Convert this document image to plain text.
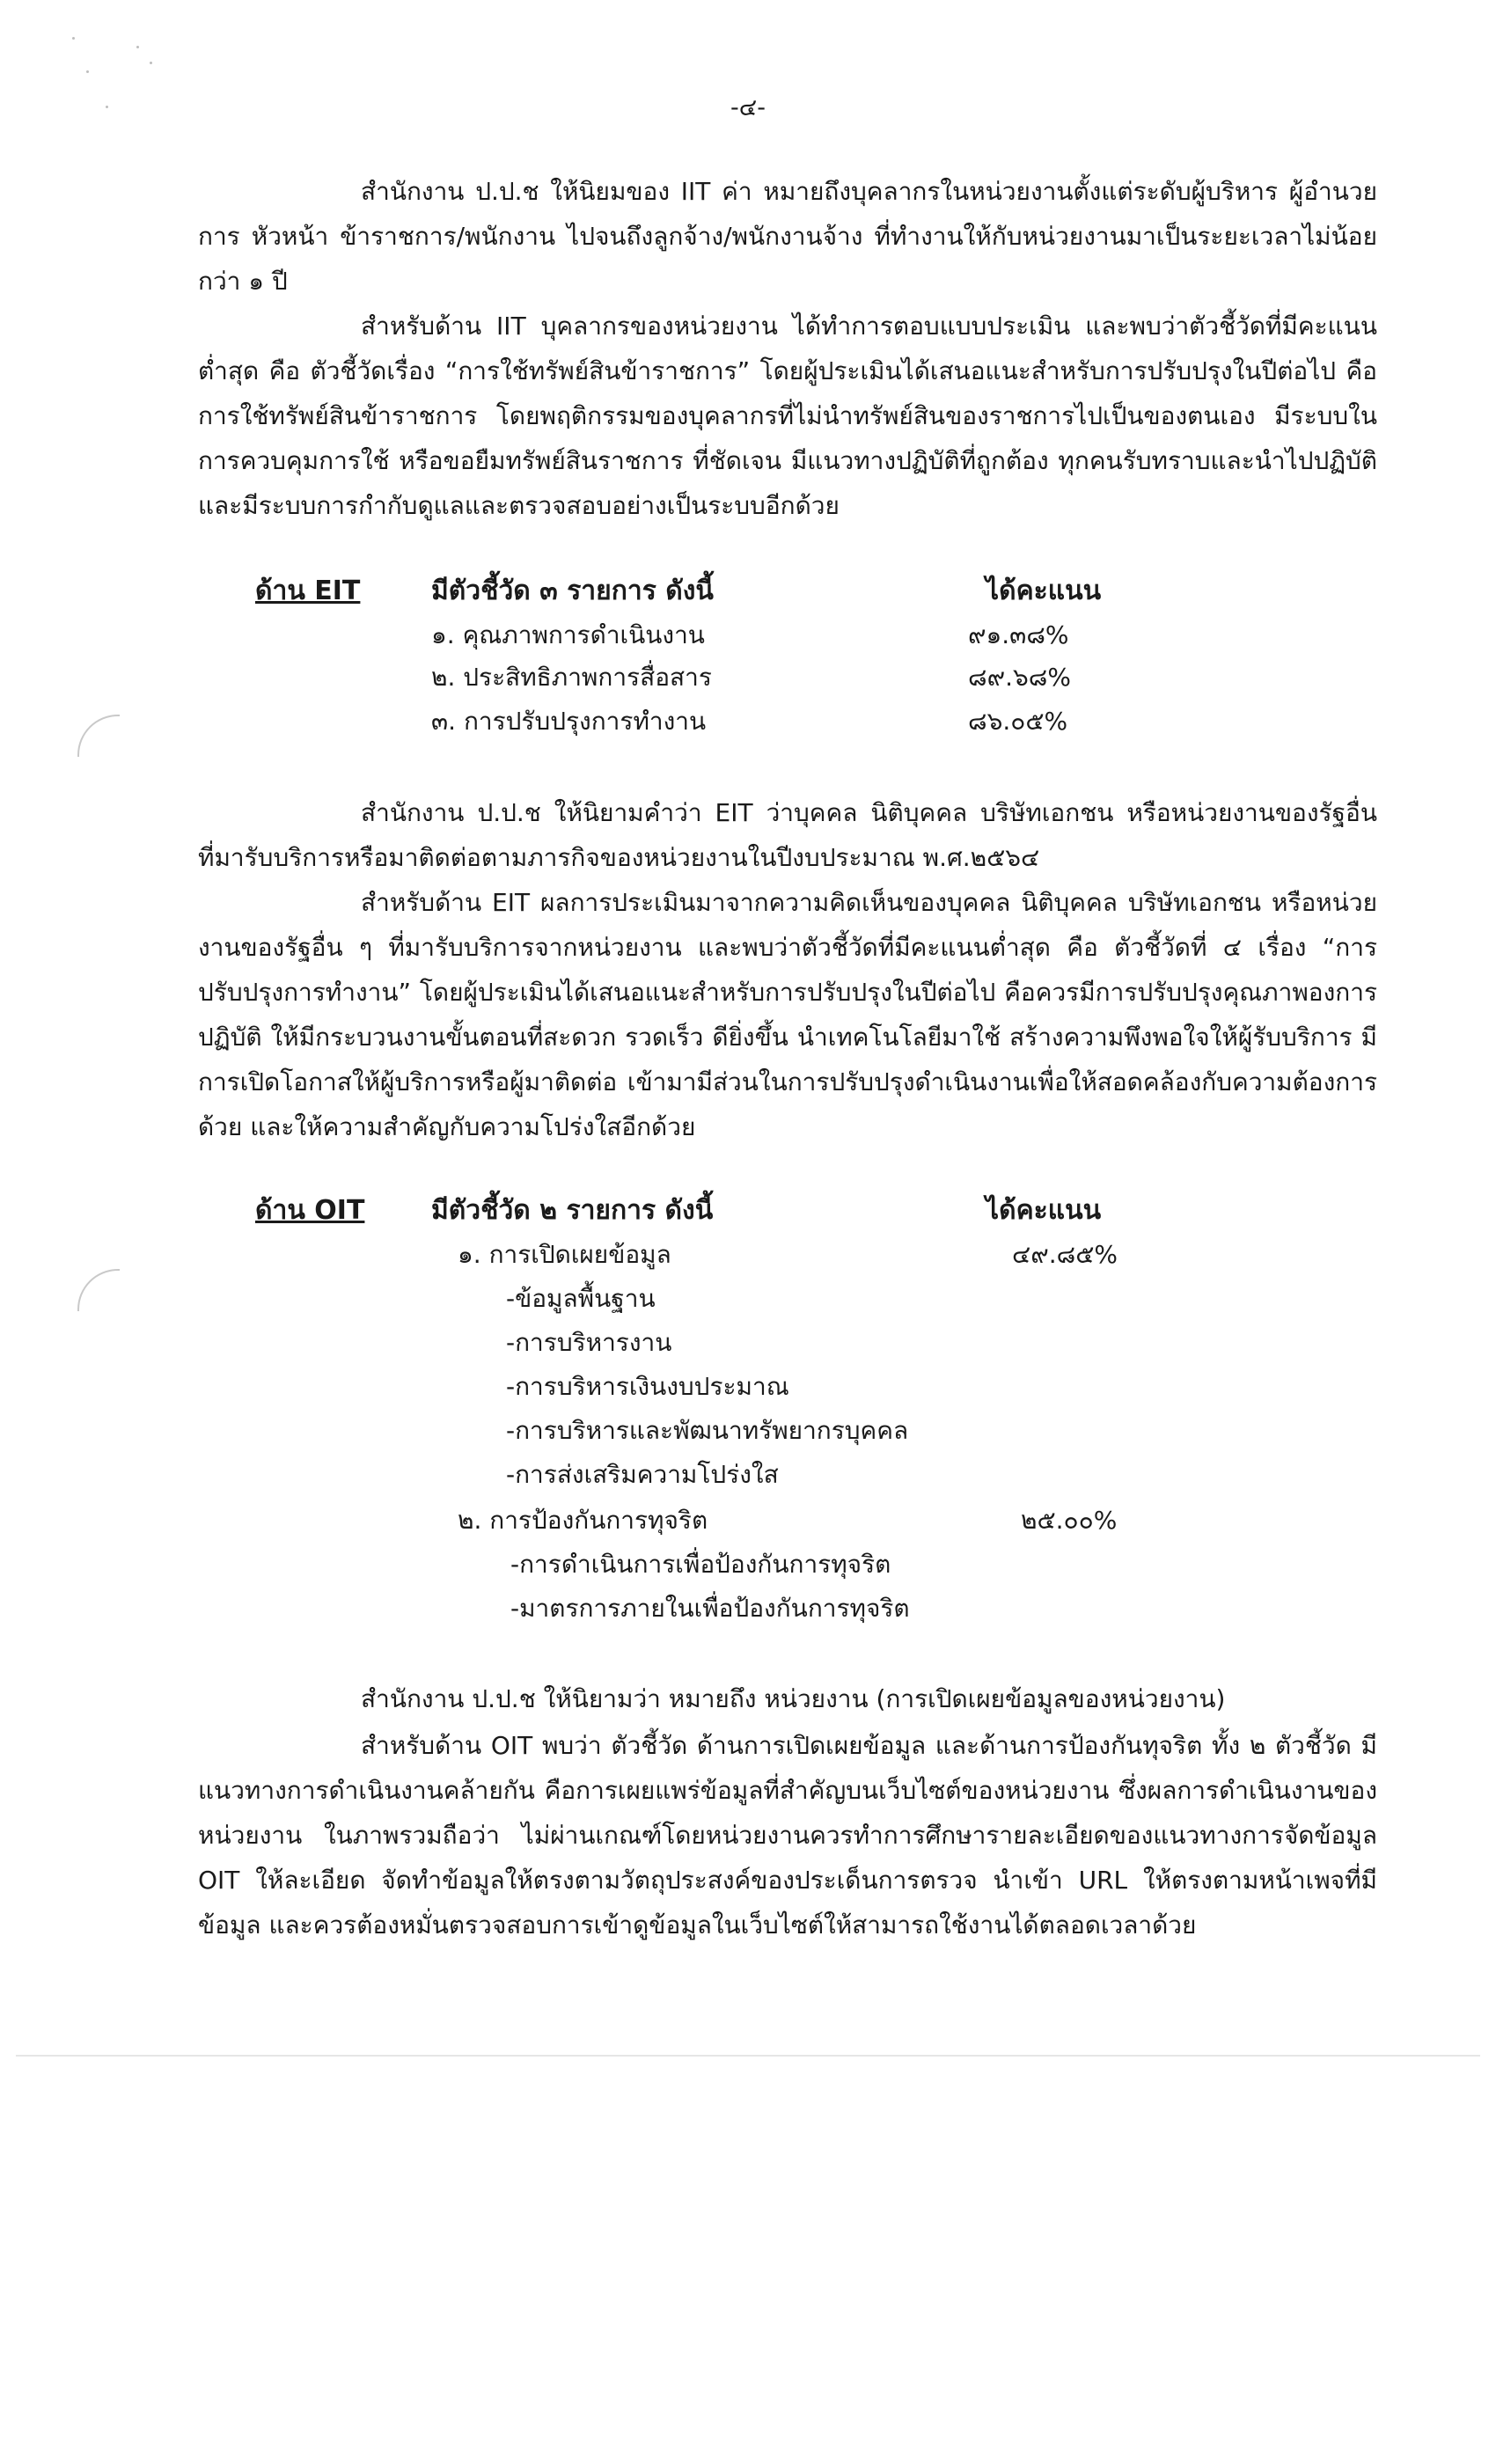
-๔-

สำนักงาน ป.ป.ช ให้นิยมของ IIT ค่า หมายถึงบุคลากรในหน่วยงานตั้งแต่ระดับผู้บริหาร ผู้อำนวยการ หัวหน้า ข้าราชการ/พนักงาน ไปจนถึงลูกจ้าง/พนักงานจ้าง ที่ทำงานให้กับหน่วยงานมาเป็นระยะเวลาไม่น้อยกว่า ๑ ปี

สำหรับด้าน IIT บุคลากรของหน่วยงาน ได้ทำการตอบแบบประเมิน และพบว่าตัวชี้วัดที่มีคะแนนต่ำสุด คือ ตัวชี้วัดเรื่อง “การใช้ทรัพย์สินข้าราชการ” โดยผู้ประเมินได้เสนอแนะสำหรับการปรับปรุงในปีต่อไป คือการใช้ทรัพย์สินข้าราชการ โดยพฤติกรรมของบุคลากรที่ไม่นำทรัพย์สินของราชการไปเป็นของตนเอง มีระบบในการควบคุมการใช้ หรือขอยืมทรัพย์สินราชการ ที่ชัดเจน มีแนวทางปฏิบัติที่ถูกต้อง ทุกคนรับทราบและนำไปปฏิบัติ และมีระบบการกำกับดูแลและตรวจสอบอย่างเป็นระบบอีกด้วย

ด้าน EIT	มีตัวชี้วัด ๓ รายการ ดังนี้	ได้คะแนน
๑. คุณภาพการดำเนินงาน	๙๑.๓๘%
๒. ประสิทธิภาพการสื่อสาร	๘๙.๖๘%
๓. การปรับปรุงการทำงาน	๘๖.๐๕%

สำนักงาน ป.ป.ช ให้นิยามคำว่า EIT ว่าบุคคล นิติบุคคล บริษัทเอกชน หรือหน่วยงานของรัฐอื่น ที่มารับบริการหรือมาติดต่อตามภารกิจของหน่วยงานในปีงบประมาณ พ.ศ.๒๕๖๔

สำหรับด้าน EIT ผลการประเมินมาจากความคิดเห็นของบุคคล นิติบุคคล บริษัทเอกชน หรือหน่วยงานของรัฐอื่น ๆ ที่มารับบริการจากหน่วยงาน และพบว่าตัวชี้วัดที่มีคะแนนต่ำสุด คือ ตัวชี้วัดที่ ๔ เรื่อง “การปรับปรุงการทำงาน” โดยผู้ประเมินได้เสนอแนะสำหรับการปรับปรุงในปีต่อไป คือควรมีการปรับปรุงคุณภาพองการปฏิบัติ ให้มีกระบวนงานขั้นตอนที่สะดวก รวดเร็ว ดียิ่งขึ้น นำเทคโนโลยีมาใช้ สร้างความพึงพอใจให้ผู้รับบริการ มีการเปิดโอกาสให้ผู้บริการหรือผู้มาติดต่อ เข้ามามีส่วนในการปรับปรุงดำเนินงานเพื่อให้สอดคล้องกับความต้องการด้วย และให้ความสำคัญกับความโปร่งใสอีกด้วย

ด้าน OIT	มีตัวชี้วัด ๒ รายการ ดังนี้	ได้คะแนน
๑. การเปิดเผยข้อมูล	๔๙.๘๕%
-ข้อมูลพื้นฐาน
-การบริหารงาน
-การบริหารเงินงบประมาณ
-การบริหารและพัฒนาทรัพยากรบุคคล
-การส่งเสริมความโปร่งใส
๒. การป้องกันการทุจริต	๒๕.๐๐%
-การดำเนินการเพื่อป้องกันการทุจริต
-มาตรการภายในเพื่อป้องกันการทุจริต

สำนักงาน ป.ป.ช ให้นิยามว่า หมายถึง หน่วยงาน (การเปิดเผยข้อมูลของหน่วยงาน)

สำหรับด้าน OIT พบว่า ตัวชี้วัด ด้านการเปิดเผยข้อมูล และด้านการป้องกันทุจริต ทั้ง ๒ ตัวชี้วัด มีแนวทางการดำเนินงานคล้ายกัน คือการเผยแพร่ข้อมูลที่สำคัญบนเว็บไซต์ของหน่วยงาน ซึ่งผลการดำเนินงานของหน่วยงาน ในภาพรวมถือว่า ไม่ผ่านเกณฑ์โดยหน่วยงานควรทำการศึกษารายละเอียดของแนวทางการจัดข้อมูล OIT ให้ละเอียด จัดทำข้อมูลให้ตรงตามวัตถุประสงค์ของประเด็นการตรวจ นำเข้า URL ให้ตรงตามหน้าเพจที่มีข้อมูล และควรต้องหมั่นตรวจสอบการเข้าดูข้อมูลในเว็บไซต์ให้สามารถใช้งานได้ตลอดเวลาด้วย
